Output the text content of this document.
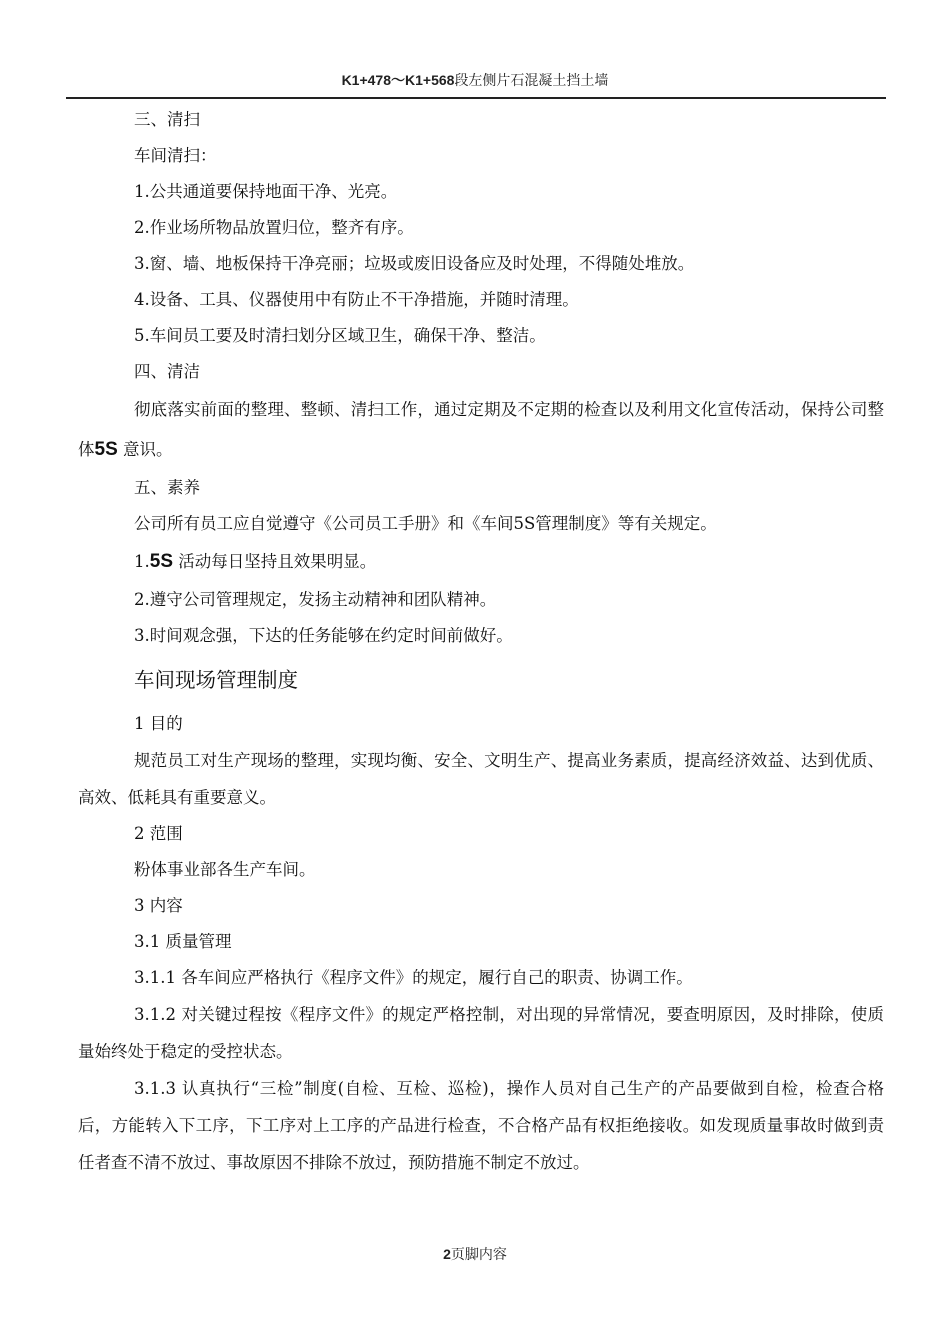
K1+478～K1+568段左侧片石混凝土挡土墙

三、清扫

车间清扫：

1.公共通道要保持地面干净、光亮。

2.作业场所物品放置归位，整齐有序。

3.窗、墙、地板保持干净亮丽；垃圾或废旧设备应及时处理，不得随处堆放。

4.设备、工具、仪器使用中有防止不干净措施，并随时清理。

5.车间员工要及时清扫划分区域卫生，确保干净、整洁。

四、清洁

彻底落实前面的整理、整顿、清扫工作，通过定期及不定期的检查以及利用文化宣传活动，保持公司整体5S 意识。

五、素养

公司所有员工应自觉遵守《公司员工手册》和《车间5S管理制度》等有关规定。

1.5S 活动每日坚持且效果明显。

2.遵守公司管理规定，发扬主动精神和团队精神。

3.时间观念强，下达的任务能够在约定时间前做好。

车间现场管理制度

1 目的

规范员工对生产现场的整理，实现均衡、安全、文明生产、提高业务素质，提高经济效益、达到优质、高效、低耗具有重要意义。

2 范围

粉体事业部各生产车间。

3 内容

3.1 质量管理

3.1.1 各车间应严格执行《程序文件》的规定，履行自己的职责、协调工作。

3.1.2 对关键过程按《程序文件》的规定严格控制，对出现的异常情况，要查明原因，及时排除，使质量始终处于稳定的受控状态。

3.1.3 认真执行“三检”制度(自检、互检、巡检)，操作人员对自己生产的产品要做到自检，检查合格后，方能转入下工序，下工序对上工序的产品进行检查，不合格产品有权拒绝接收。如发现质量事故时做到责任者查不清不放过、事故原因不排除不放过，预防措施不制定不放过。

2页脚内容
